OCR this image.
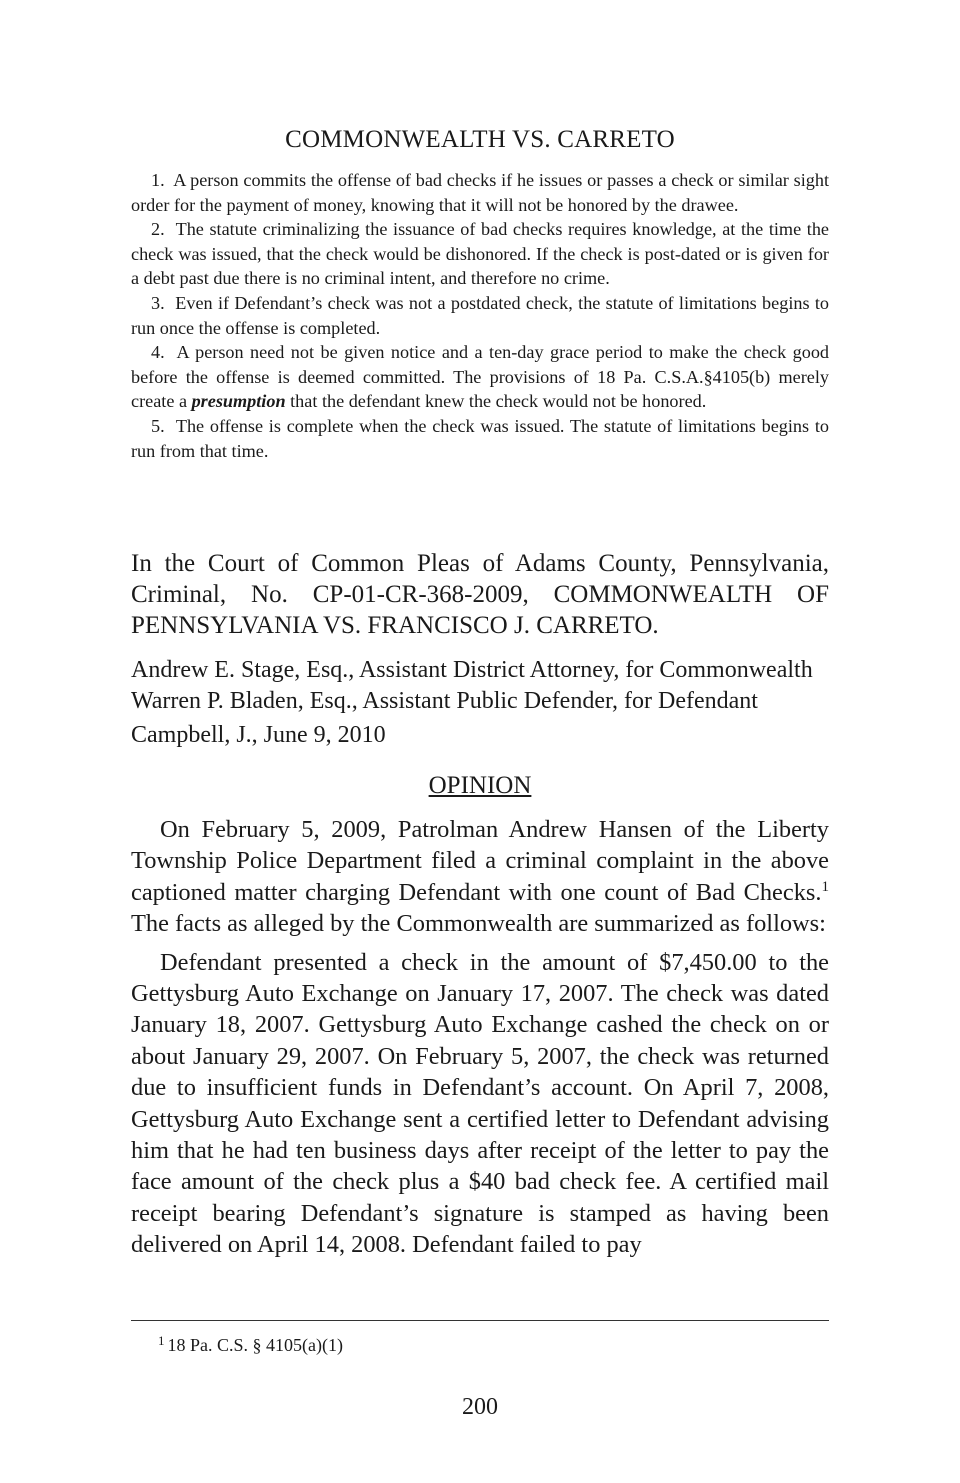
COMMONWEALTH VS. CARRETO

1. A person commits the offense of bad checks if he issues or passes a check or similar sight order for the payment of money, knowing that it will not be honored by the drawee.

2. The statute criminalizing the issuance of bad checks requires knowledge, at the time the check was issued, that the check would be dishonored. If the check is post-dated or is given for a debt past due there is no criminal intent, and therefore no crime.

3. Even if Defendant’s check was not a postdated check, the statute of limitations begins to run once the offense is completed.

4. A person need not be given notice and a ten-day grace period to make the check good before the offense is deemed committed. The provisions of 18 Pa. C.S.A.§4105(b) merely create a presumption that the defendant knew the check would not be honored.

5. The offense is complete when the check was issued. The statute of limitations begins to run from that time.

In the Court of Common Pleas of Adams County, Pennsylvania, Criminal, No. CP-01-CR-368-2009, COMMONWEALTH OF PENNSYLVANIA VS. FRANCISCO J. CARRETO.

Andrew E. Stage, Esq., Assistant District Attorney, for Commonwealth
Warren P. Bladen, Esq., Assistant Public Defender, for Defendant
Campbell, J., June 9, 2010
OPINION

On February 5, 2009, Patrolman Andrew Hansen of the Liberty Township Police Department filed a criminal complaint in the above captioned matter charging Defendant with one count of Bad Checks.$^1$ The facts as alleged by the Commonwealth are summarized as follows:

Defendant presented a check in the amount of $7,450.00 to the Gettysburg Auto Exchange on January 17, 2007. The check was dated January 18, 2007. Gettysburg Auto Exchange cashed the check on or about January 29, 2007. On February 5, 2007, the check was returned due to insufficient funds in Defendant’s account. On April 7, 2008, Gettysburg Auto Exchange sent a certified letter to Defendant advising him that he had ten business days after receipt of the letter to pay the face amount of the check plus a $40 bad check fee. A certified mail receipt bearing Defendant’s signature is stamped as having been delivered on April 14, 2008. Defendant failed to pay

$^1$ 18 Pa. C.S. § 4105(a)(1)
200
